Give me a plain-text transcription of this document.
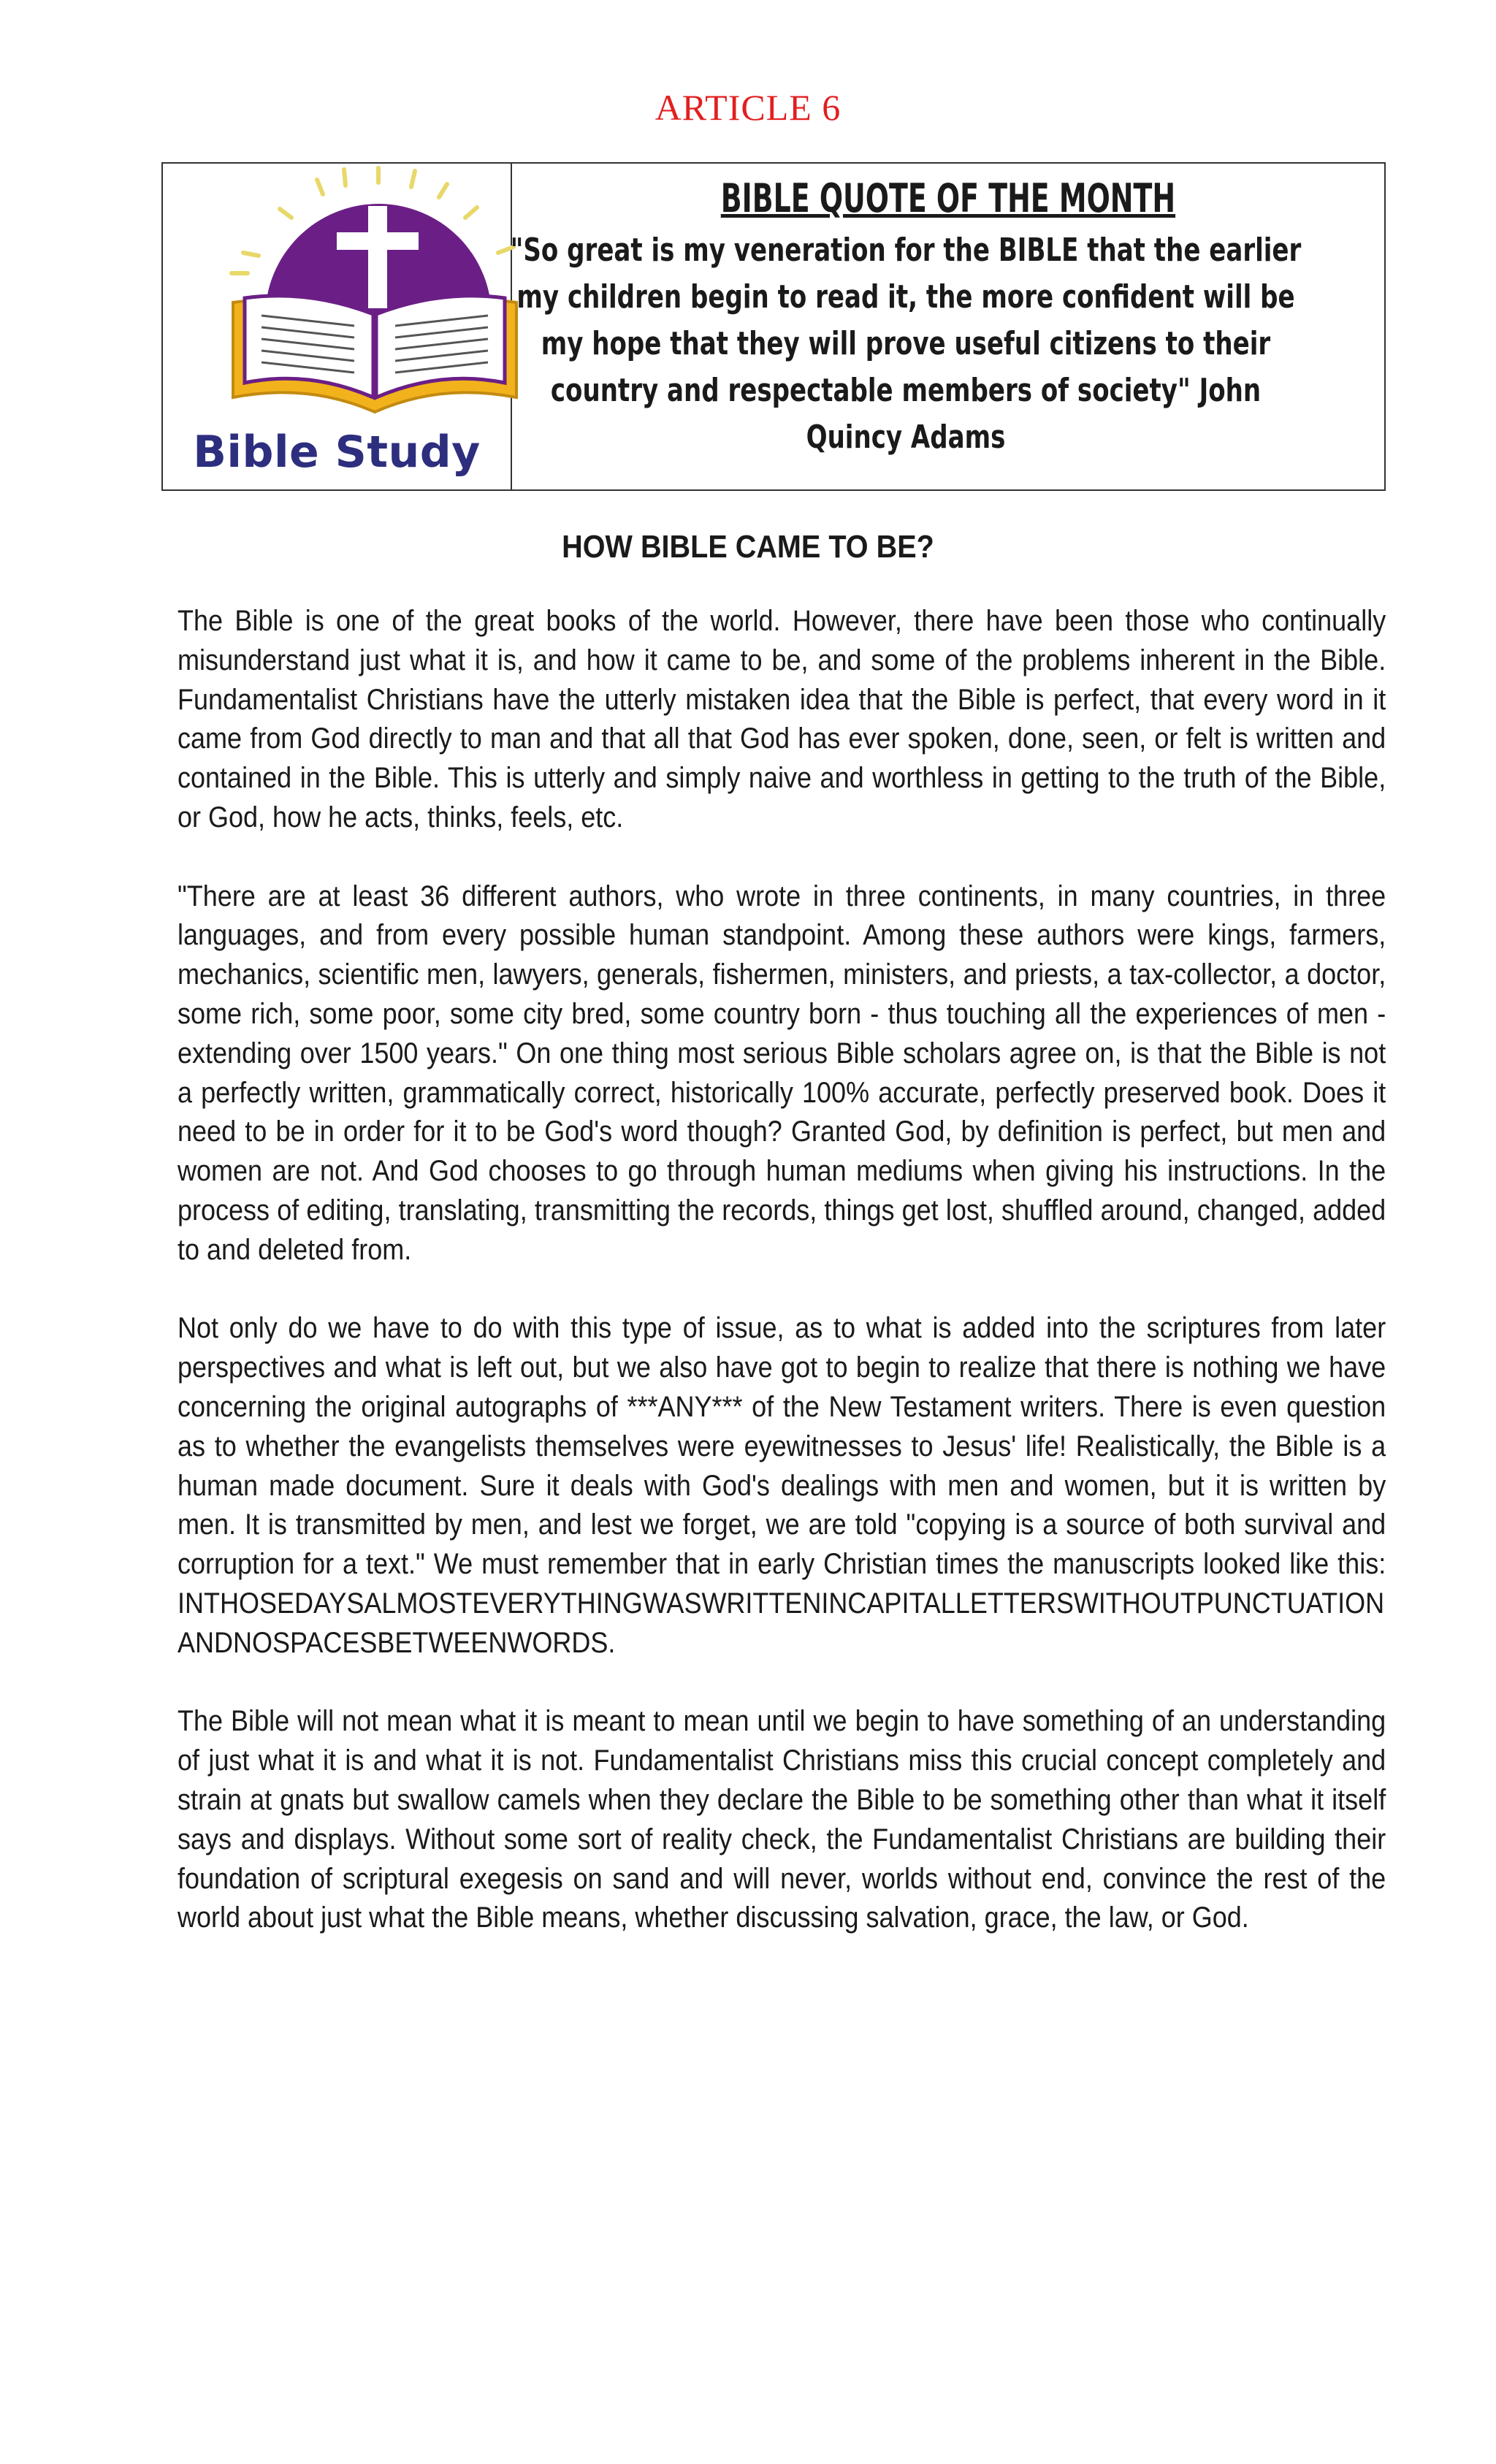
ARTICLE 6
Bible Study
BIBLE QUOTE OF THE MONTH
"So great is my veneration for the BIBLE that the earlier my children begin to read it, the more confident will be my hope that they will prove useful citizens to their country and respectable members of society" John Quincy Adams
HOW BIBLE CAME TO BE?

The Bible is one of the great books of the world. However, there have been those who continually misunderstand just what it is, and how it came to be, and some of the problems inherent in the Bible. Fundamentalist Christians have the utterly mistaken idea that the Bible is perfect, that every word in it came from God directly to man and that all that God has ever spoken, done, seen, or felt is written and contained in the Bible. This is utterly and simply naive and worthless in getting to the truth of the Bible, or God, how he acts, thinks, feels, etc.

"There are at least 36 different authors, who wrote in three continents, in many countries, in three languages, and from every possible human standpoint. Among these authors were kings, farmers, mechanics, scientific men, lawyers, generals, fishermen, ministers, and priests, a tax-collector, a doctor, some rich, some poor, some city bred, some country born - thus touching all the experiences of men - extending over 1500 years." On one thing most serious Bible scholars agree on, is that the Bible is not a perfectly written, grammatically correct, historically 100% accurate, perfectly preserved book. Does it need to be in order for it to be God's word though? Granted God, by definition is perfect, but men and women are not. And God chooses to go through human mediums when giving his instructions. In the process of editing, translating, transmitting the records, things get lost, shuffled around, changed, added to and deleted from.

Not only do we have to do with this type of issue, as to what is added into the scriptures from later perspectives and what is left out, but we also have got to begin to realize that there is nothing we have concerning the original autographs of ***ANY*** of the New Testament writers. There is even question as to whether the evangelists themselves were eyewitnesses to Jesus' life! Realistically, the Bible is a human made document. Sure it deals with God's dealings with men and women, but it is written by men. It is transmitted by men, and lest we forget, we are told "copying is a source of both survival and corruption for a text." We must remember that in early Christian times the manuscripts looked like this: INTHOSEDAYSALMOSTEVERYTHINGWASWRITTENINCAPITALLETTERSWITHOUTPUNCTUATIONANDNOSPACESBETWEENWORDS.

The Bible will not mean what it is meant to mean until we begin to have something of an understanding of just what it is and what it is not. Fundamentalist Christians miss this crucial concept completely and strain at gnats but swallow camels when they declare the Bible to be something other than what it itself says and displays. Without some sort of reality check, the Fundamentalist Christians are building their foundation of scriptural exegesis on sand and will never, worlds without end, convince the rest of the world about just what the Bible means, whether discussing salvation, grace, the law, or God.
